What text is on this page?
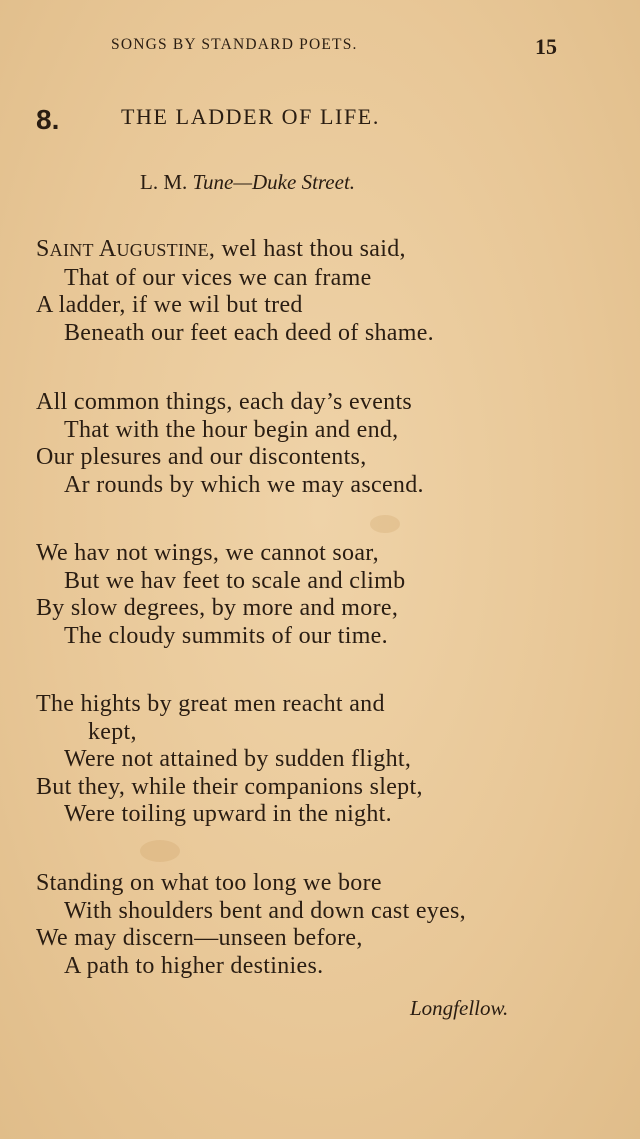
SONGS BY STANDARD POETS.	15
8.	THE LADDER OF LIFE.
L. M. Tune—Duke Street.
SAINT AUGUSTINE, wel hast thou said,
That of our vices we can frame
A ladder, if we wil but tred
Beneath our feet each deed of shame.
All common things, each day’s events
That with the hour begin and end,
Our plesures and our discontents,
Ar rounds by which we may ascend.
We hav not wings, we cannot soar,
But we hav feet to scale and climb
By slow degrees, by more and more,
The cloudy summits of our time.
The hights by great men reacht and
kept,
Were not attained by sudden flight,
But they, while their companions slept,
Were toiling upward in the night.
Standing on what too long we bore
With shoulders bent and down cast eyes,
We may discern—unseen before,
A path to higher destinies.
Longfellow.
